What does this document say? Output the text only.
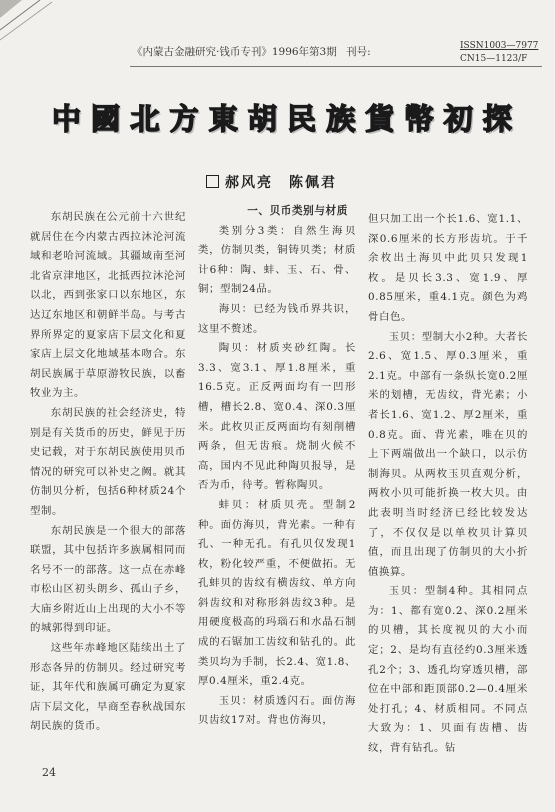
《内蒙古金融研究·钱币专刊》1996年第3期 刊号:	ISSN1003—7977
CN15—1123/F
中 國 北 方 東 胡 民 族 貨 幣 初 探
郝风亮　陈佩君

东胡民族在公元前十六世纪就居住在今内蒙古西拉沐沦河流域和老哈河流域。其疆域南至河北省京津地区，北抵西拉沐沦河以北，西到张家口以东地区，东达辽东地区和朝鲜半岛。与考古界所界定的夏家店下层文化和夏家店上层文化地域基本吻合。东胡民族属于草原游牧民族，以畜牧业为主。

东胡民族的社会经济史，特别是有关货币的历史，鲜见于历史记载，对于东胡民族使用贝币情况的研究可以补史之阙。就其仿制贝分析，包括6种材质24个型制。

东胡民族是一个很大的部落联盟，其中包括许多族属相同而名号不一的部落。这一点在赤峰市松山区初头朗乡、孤山子乡，大庙乡附近山上出现的大小不等的城郭得到印证。

这些年赤峰地区陆续出土了形态各异的仿制贝。经过研究考证，其年代和族属可确定为夏家店下层文化，早商至春秋战国东胡民族的货币。

一、贝币类别与材质

类别分3类：自然生海贝类，仿制贝类，铜铸贝类；材质计6种：陶、蚌、玉、石、骨、铜；型制24品。

海贝：已经为钱币界共识，这里不赘述。

陶贝：材质夹砂红陶。长3.3、宽3.1、厚1.8厘米，重16.5克。正反两面均有一凹形槽，槽长2.8、宽0.4、深0.3厘米。此枚贝正反两面均有刻削槽两条，但无齿痕。烧制火候不高，国内不见此种陶贝报导，是否为币，待考。暂称陶贝。

蚌贝：材质贝壳。型制2种。面仿海贝，背光素。一种有孔、一种无孔。有孔贝仅发现1枚，粉化较严重，不便做拓。无孔蚌贝的齿纹有横齿纹、单方向斜齿纹和对称形斜齿纹3种。是用硬度极高的玛瑙石和水晶石制成的石锯加工齿纹和钻孔的。此类贝均为手制，长2.4、宽1.8、厚0.4厘米，重2.4克。

玉贝：材质透闪石。面仿海贝齿纹17对。背也仿海贝，

但只加工出一个长1.6、宽1.1、深0.6厘米的长方形齿坑。于千余枚出土海贝中此贝只发现1枚。是贝长3.3、宽1.9、厚0.85厘米，重4.1克。颜色为鸡骨白色。

玉贝：型制大小2种。大者长2.6、宽1.5、厚0.3厘米，重2.1克。中部有一条纵长宽0.2厘米的划槽，无齿纹，背光素；小者长1.6、宽1.2、厚2厘米，重0.8克。面、背光素，唯在贝的上下两端做出一个缺口，以示仿制海贝。从两枚玉贝直观分析，两枚小贝可能折换一枚大贝。由此表明当时经济已经比较发达了，不仅仅是以单枚贝计算贝值，而且出现了仿制贝的大小折值换算。

玉贝：型制4种。其相同点为：1、都有宽0.2、深0.2厘米的贝槽，其长度视贝的大小而定；2、是均有直径约0.3厘米透孔2个；3、透孔均穿透贝槽，部位在中部和距顶部0.2—0.4厘米处打孔；4、材质相同。不同点大致为：1、贝面有齿槽、齿纹，背有钻孔。钻

24
